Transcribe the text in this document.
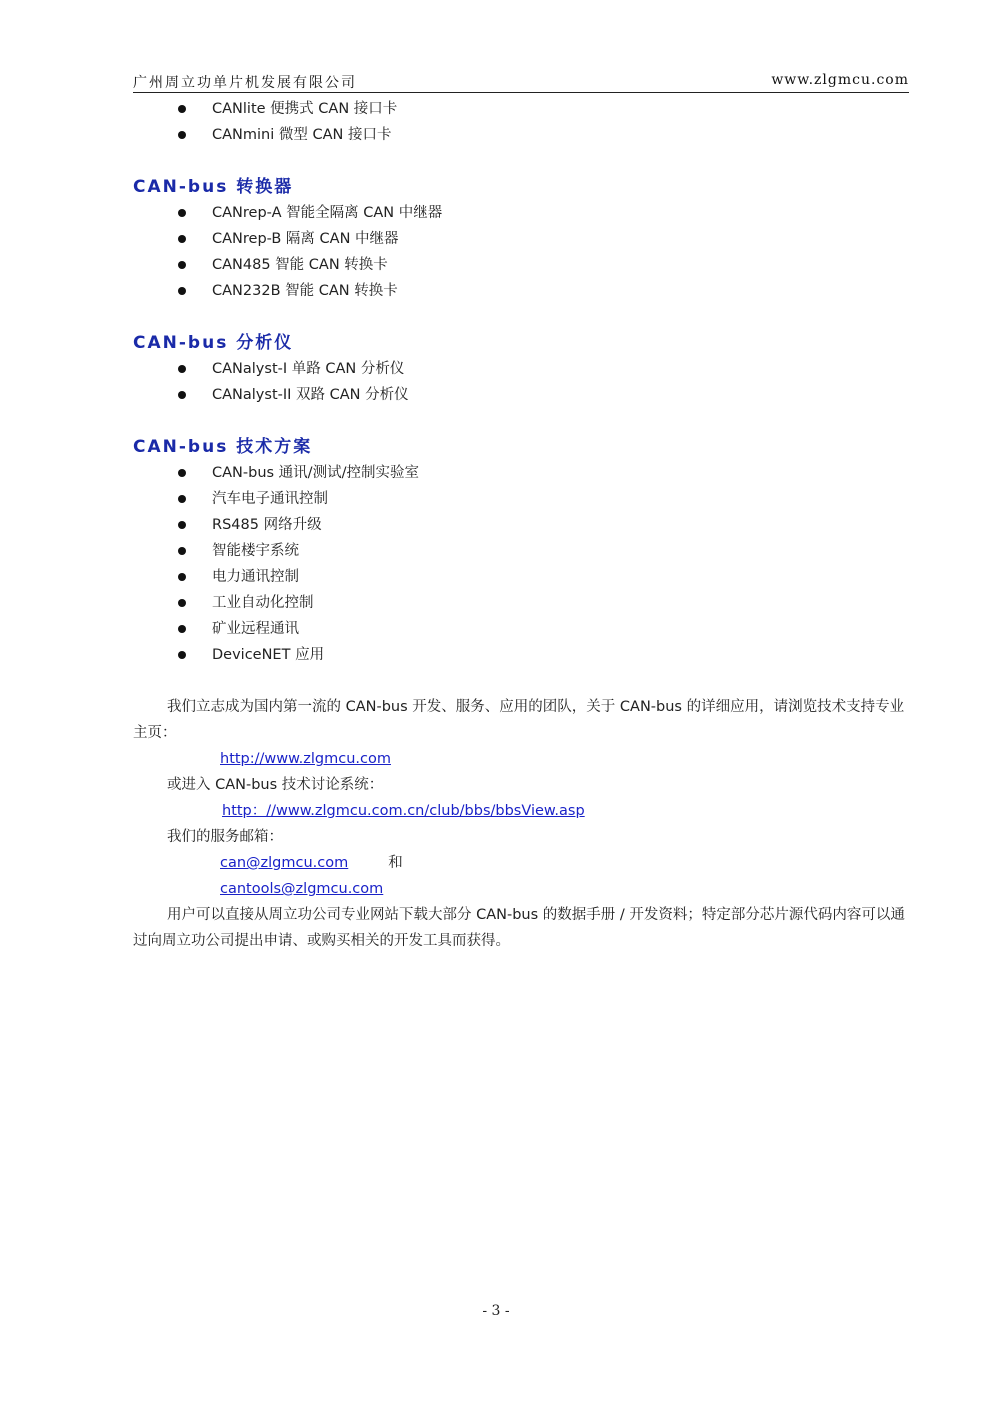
广州周立功单片机发展有限公司	www.zlgmcu.com
CANlite 便携式 CAN 接口卡
CANmini 微型 CAN 接口卡
CAN-bus 转换器
CANrep-A 智能全隔离 CAN 中继器
CANrep-B 隔离 CAN 中继器
CAN485 智能 CAN 转换卡
CAN232B 智能 CAN 转换卡
CAN-bus 分析仪
CANalyst-I 单路 CAN 分析仪
CANalyst-II 双路 CAN 分析仪
CAN-bus 技术方案
CAN-bus 通讯/测试/控制实验室
汽车电子通讯控制
RS485 网络升级
智能楼宇系统
电力通讯控制
工业自动化控制
矿业远程通讯
DeviceNET 应用

我们立志成为国内第一流的 CAN-bus 开发、服务、应用的团队，关于 CAN-bus 的详细应用，请浏览技术支持专业主页：

http://www.zlgmcu.com
或进入 CAN-bus 技术讨论系统：
http：//www.zlgmcu.com.cn/club/bbs/bbsView.asp
我们的服务邮箱：
can@zlgmcu.com	和
cantools@zlgmcu.com

用户可以直接从周立功公司专业网站下载大部分 CAN-bus 的数据手册 / 开发资料；特定部分芯片源代码内容可以通过向周立功公司提出申请、或购买相关的开发工具而获得。

- 3 -
